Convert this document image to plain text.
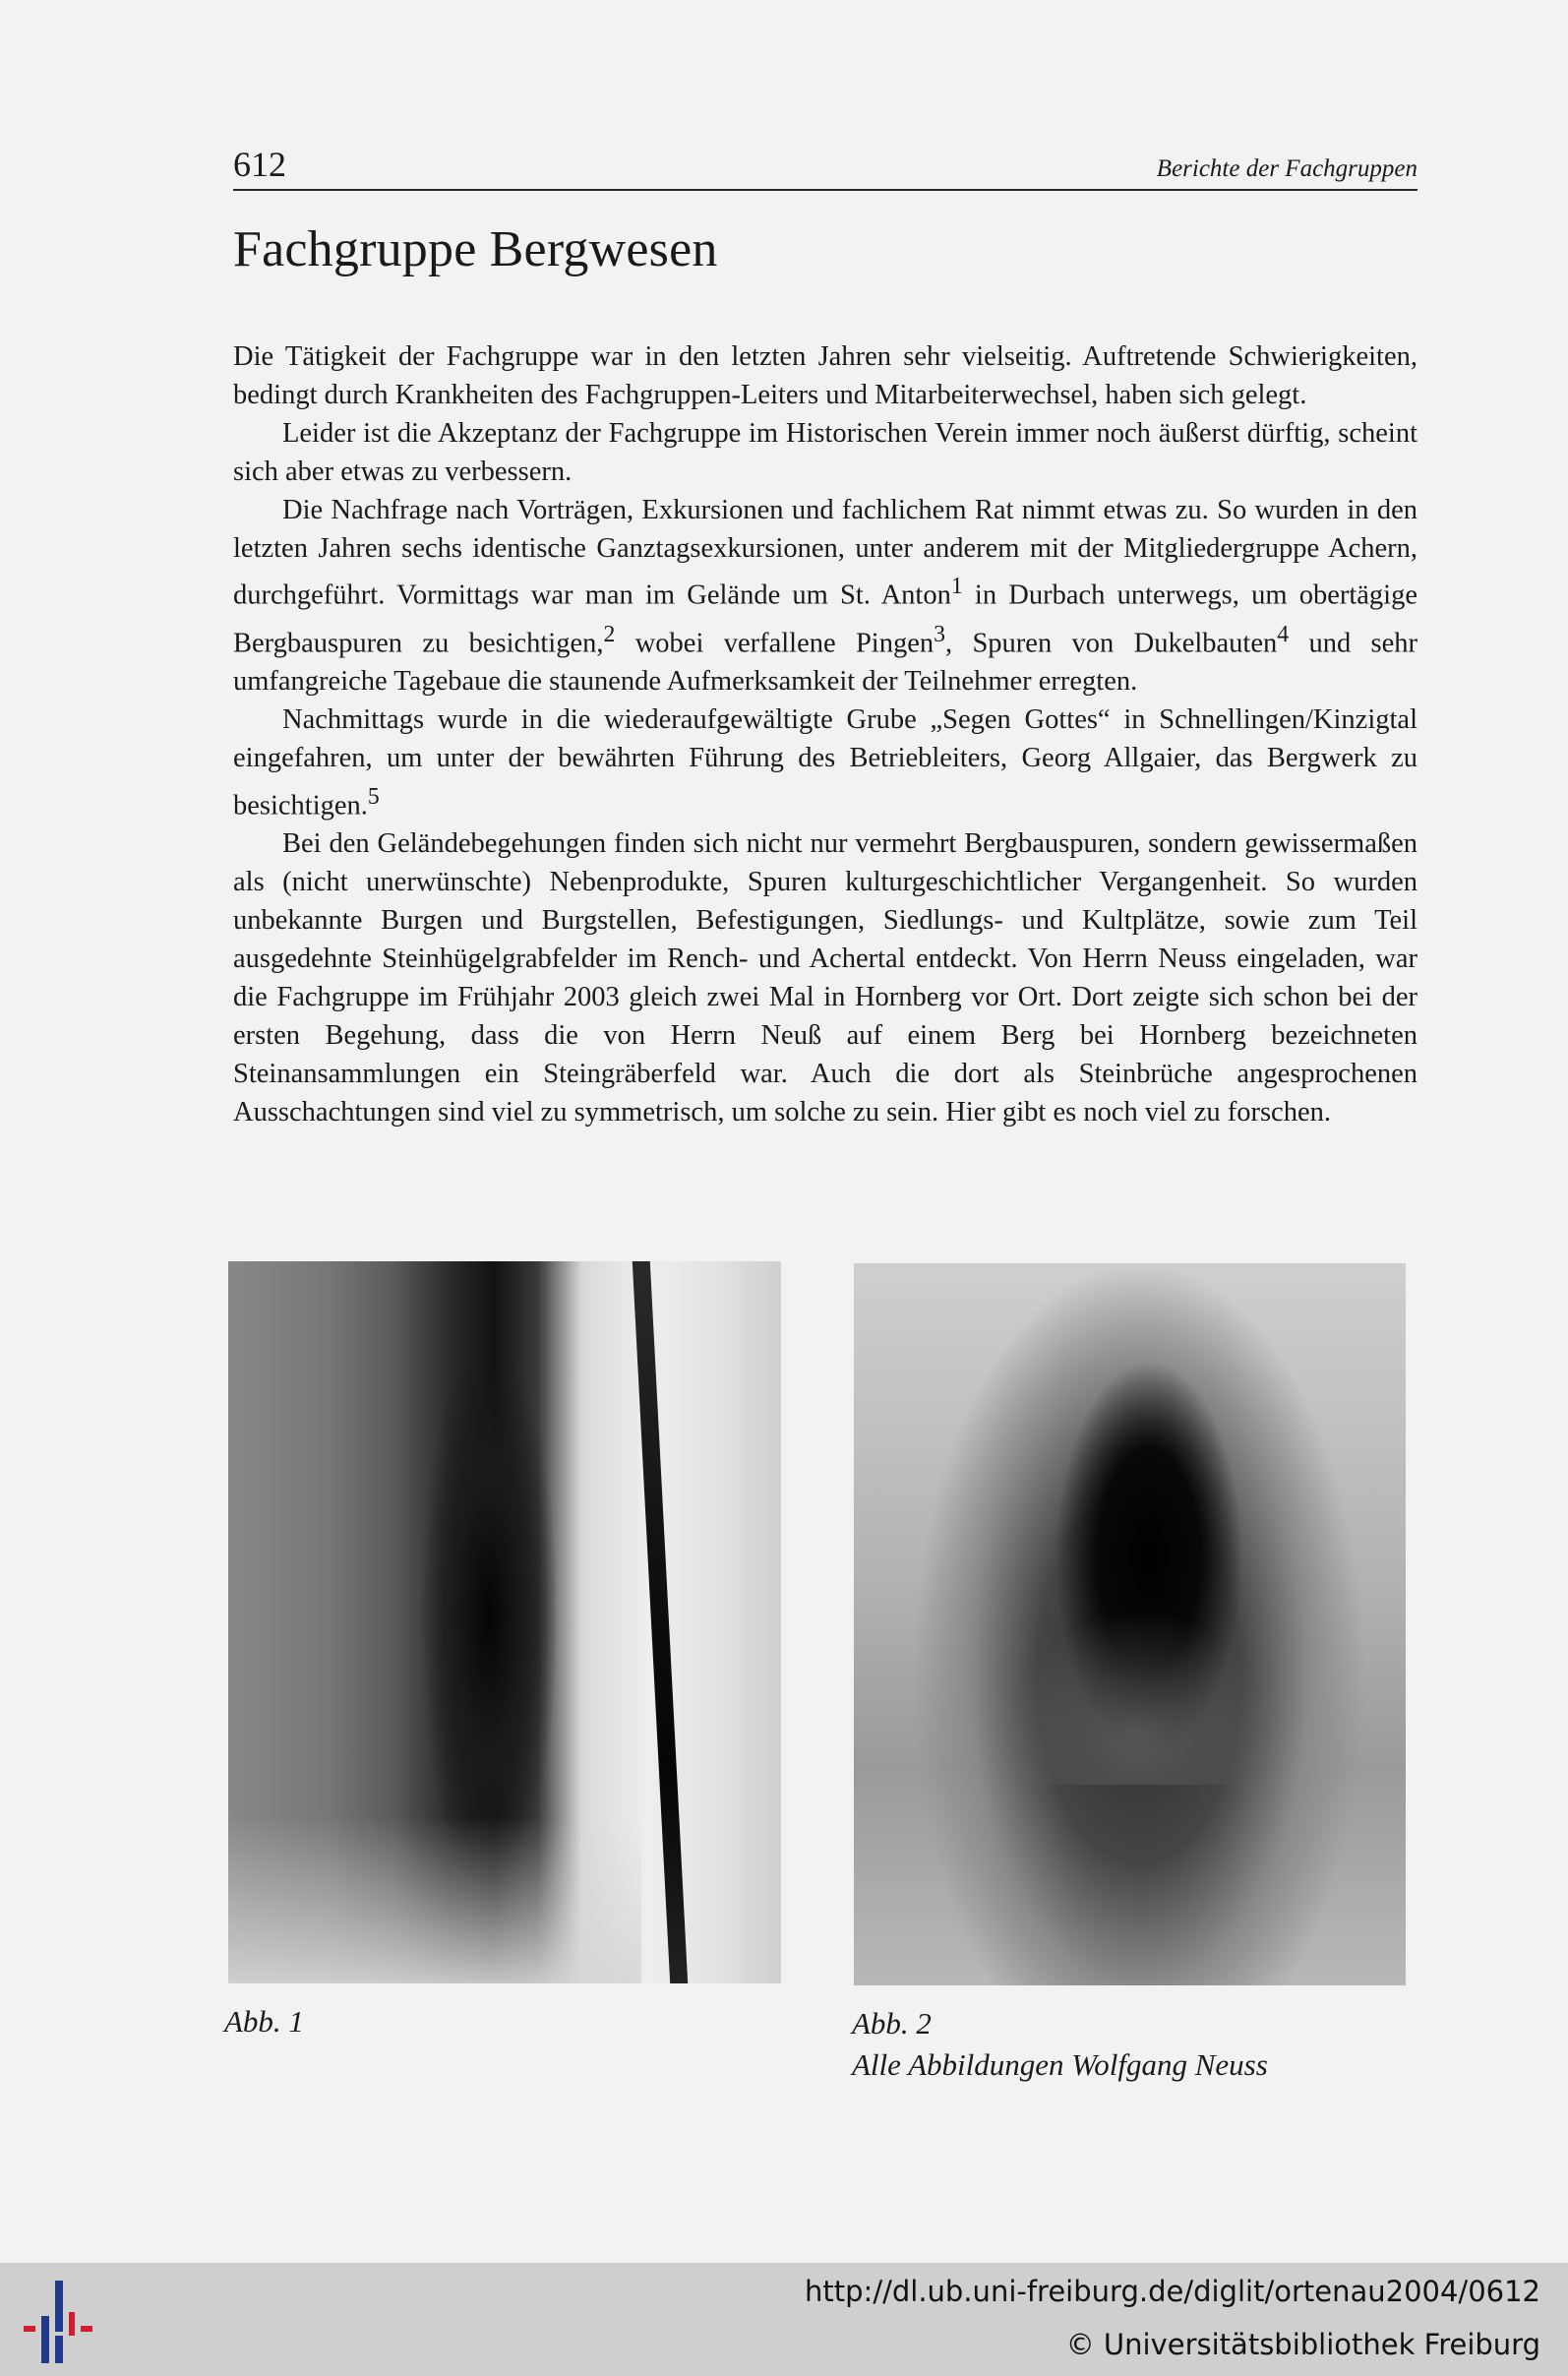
612	Berichte der Fachgruppen
Fachgruppe Bergwesen

Die Tätigkeit der Fachgruppe war in den letzten Jahren sehr vielseitig. Auftretende Schwierigkeiten, bedingt durch Krankheiten des Fachgruppen-Leiters und Mitarbeiterwechsel, haben sich gelegt.

Leider ist die Akzeptanz der Fachgruppe im Historischen Verein immer noch äußerst dürftig, scheint sich aber etwas zu verbessern.

Die Nachfrage nach Vorträgen, Exkursionen und fachlichem Rat nimmt etwas zu. So wurden in den letzten Jahren sechs identische Ganztagsexkursionen, unter anderem mit der Mitgliedergruppe Achern, durchgeführt. Vormittags war man im Gelände um St. Anton$^1$ in Durbach unterwegs, um obertägige Bergbauspuren zu besichtigen,$^2$ wobei verfallene Pingen$^3$, Spuren von Dukelbauten$^4$ und sehr umfangreiche Tagebaue die staunende Aufmerksamkeit der Teilnehmer erregten.

Nachmittags wurde in die wiederaufgewältigte Grube „Segen Gottes“ in Schnellingen/Kinzigtal eingefahren, um unter der bewährten Führung des Betriebleiters, Georg Allgaier, das Bergwerk zu besichtigen.$^5$

Bei den Geländebegehungen finden sich nicht nur vermehrt Bergbauspuren, sondern gewissermaßen als (nicht unerwünschte) Nebenprodukte, Spuren kulturgeschichtlicher Vergangenheit. So wurden unbekannte Burgen und Burgstellen, Befestigungen, Siedlungs- und Kultplätze, sowie zum Teil ausgedehnte Steinhügelgrabfelder im Rench- und Achertal entdeckt. Von Herrn Neuss eingeladen, war die Fachgruppe im Frühjahr 2003 gleich zwei Mal in Hornberg vor Ort. Dort zeigte sich schon bei der ersten Begehung, dass die von Herrn Neuß auf einem Berg bei Hornberg bezeichneten Steinansammlungen ein Steingräberfeld war. Auch die dort als Steinbrüche angesprochenen Ausschachtungen sind viel zu symmetrisch, um solche zu sein. Hier gibt es noch viel zu forschen.

Abb. 1	Abb. 2
Alle Abbildungen Wolfgang Neuss
http://dl.ub.uni-freiburg.de/diglit/ortenau2004/0612
© Universitätsbibliothek Freiburg
